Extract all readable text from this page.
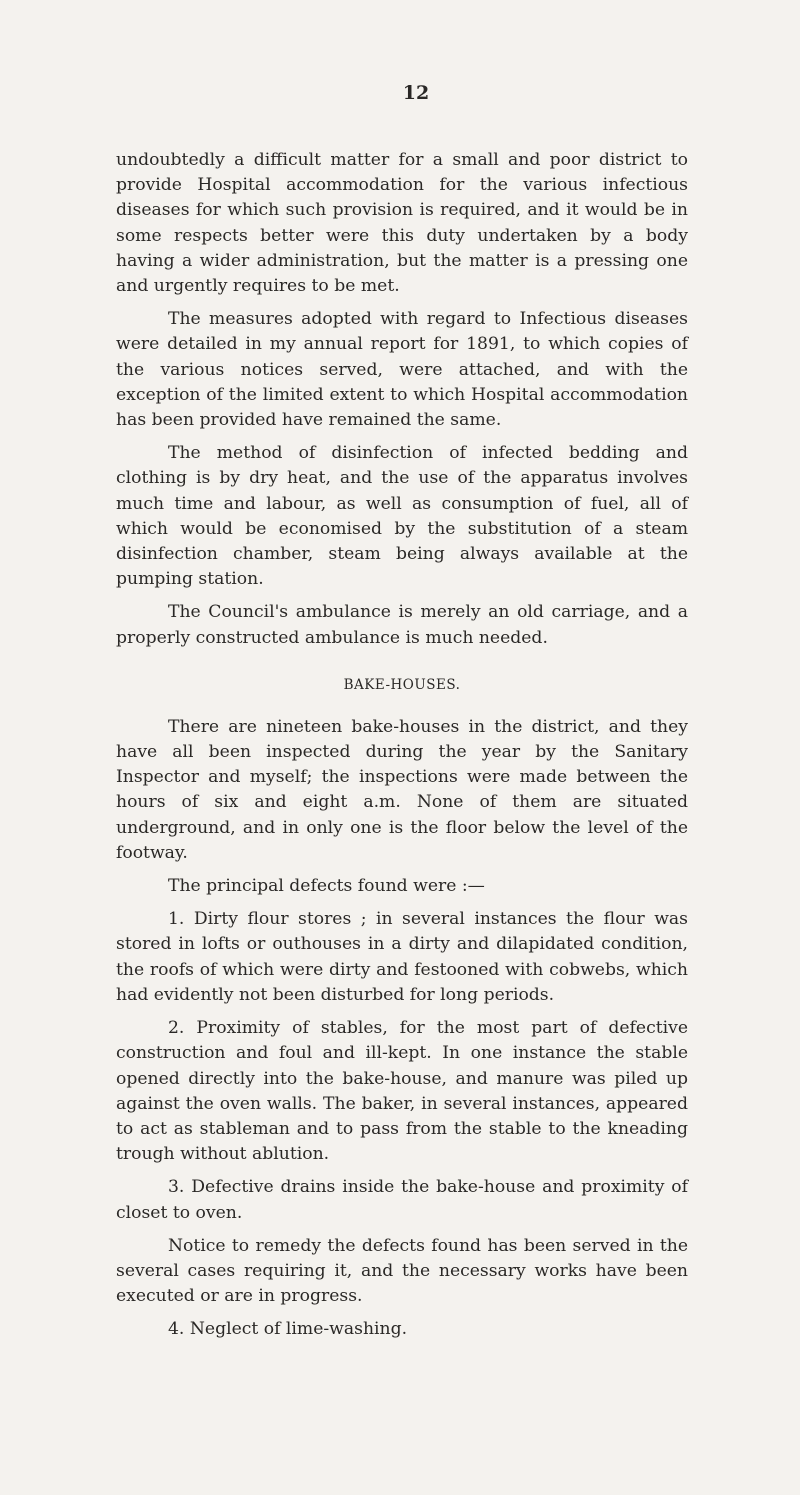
12

undoubtedly a difficult matter for a small and poor district to provide Hospital accommodation for the various infectious diseases for which such provision is required, and it would be in some respects better were this duty undertaken by a body having a wider administration, but the matter is a pressing one and urgently requires to be met.

The measures adopted with regard to Infectious diseases were detailed in my annual report for 1891, to which copies of the various notices served, were attached, and with the exception of the limited extent to which Hospital accommodation has been provided have remained the same.

The method of disinfection of infected bedding and clothing is by dry heat, and the use of the apparatus involves much time and labour, as well as consumption of fuel, all of which would be economised by the substitution of a steam disinfection chamber, steam being always available at the pumping station.

The Council's ambulance is merely an old carriage, and a properly constructed ambulance is much needed.

BAKE-HOUSES.

There are nineteen bake-houses in the district, and they have all been inspected during the year by the Sanitary Inspector and myself; the inspections were made between the hours of six and eight a.m. None of them are situated underground, and in only one is the floor below the level of the footway.

The principal defects found were :—

1. Dirty flour stores ; in several instances the flour was stored in lofts or outhouses in a dirty and dilapidated condition, the roofs of which were dirty and festooned with cobwebs, which had evidently not been disturbed for long periods.

2. Proximity of stables, for the most part of defective construction and foul and ill-kept. In one instance the stable opened directly into the bake-house, and manure was piled up against the oven walls. The baker, in several instances, appeared to act as stableman and to pass from the stable to the kneading trough without ablution.

3. Defective drains inside the bake-house and proximity of closet to oven.

Notice to remedy the defects found has been served in the several cases requiring it, and the necessary works have been executed or are in progress.

4. Neglect of lime-washing.
